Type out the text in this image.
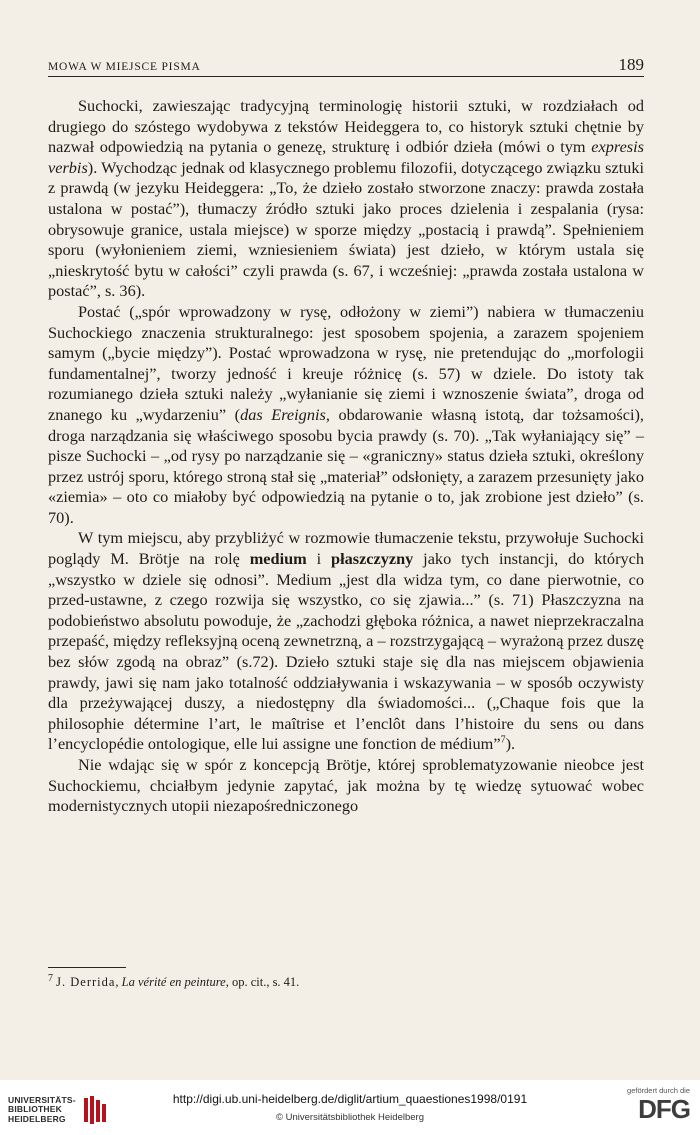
MOWA W MIEJSCE PISMA	189

Suchocki, zawieszając tradycyjną terminologię historii sztuki, w rozdziałach od drugiego do szóstego wydobywa z tekstów Heideggera to, co historyk sztuki chętnie by nazwał odpowiedzią na pytania o genezę, strukturę i odbiór dzieła (mówi o tym expresis verbis). Wychodząc jednak od klasycznego problemu filozofii, dotyczącego związku sztuki z prawdą (w jezyku Heideggera: „To, że dzieło zostało stworzone znaczy: prawda została ustalona w postać”), tłumaczy źródło sztuki jako proces dzielenia i zespalania (rysa: obrysowuje granice, ustala miejsce) w sporze między „postacią i prawdą”. Spełnieniem sporu (wyłonieniem ziemi, wzniesieniem świata) jest dzieło, w którym ustala się „nieskrytość bytu w całości” czyli prawda (s. 67, i wcześniej: „prawda została ustalona w postać”, s. 36).

Postać („spór wprowadzony w rysę, odłożony w ziemi”) nabiera w tłumaczeniu Suchockiego znaczenia strukturalnego: jest sposobem spojenia, a zarazem spojeniem samym („bycie między”). Postać wprowadzona w rysę, nie pretendując do „morfologii fundamentalnej”, tworzy jedność i kreuje różnicę (s. 57) w dziele. Do istoty tak rozumianego dzieła sztuki należy „wyłanianie się ziemi i wznoszenie świata”, droga od znanego ku „wydarzeniu” (das Ereignis, obdarowanie własną istotą, dar tożsamości), droga narządzania się właściwego sposobu bycia prawdy (s. 70). „Tak wyłaniający się” – pisze Suchocki – „od rysy po narządzanie się – «graniczny» status dzieła sztuki, określony przez ustrój sporu, którego stroną stał się „materiał” odsłonięty, a zarazem przesunięty jako «ziemia» – oto co miałoby być odpowiedzią na pytanie o to, jak zrobione jest dzieło” (s. 70).

W tym miejscu, aby przybliżyć w rozmowie tłumaczenie tekstu, przywołuje Suchocki poglądy M. Brötje na rolę medium i płaszczyzny jako tych instancji, do których „wszystko w dziele się odnosi”. Medium „jest dla widza tym, co dane pierwotnie, co przed-ustawne, z czego rozwija się wszystko, co się zjawia...” (s. 71) Płaszczyzna na podobieństwo absolutu powoduje, że „zachodzi głęboka różnica, a nawet nieprzekraczalna przepaść, między refleksyjną oceną zewnetrzną, a – rozstrzygającą – wyrażoną przez duszę bez słów zgodą na obraz” (s.72). Dzieło sztuki staje się dla nas miejscem objawienia prawdy, jawi się nam jako totalność oddziaływania i wskazywania – w sposób oczywisty dla przeżywającej duszy, a niedostępny dla świadomości... („Chaque fois que la philosophie détermine l’art, le maîtrise et l’enclôt dans l’histoire du sens ou dans l’encyclopédie ontologique, elle lui assigne une fonction de médium”$^7$).

Nie wdając się w spór z koncepcją Brötje, której sproblematyzowanie nieobce jest Suchockiemu, chciałbym jedynie zapytać, jak można by tę wiedzę sytuować wobec modernistycznych utopii niezapośredniczonego

$^7$ J. Derrida, La vérité en peinture, op. cit., s. 41.
UNIVERSITÄTS-
BIBLIOTHEK
HEIDELBERG
http://digi.ub.uni-heidelberg.de/diglit/artium_quaestiones1998/0191
© Universitätsbibliothek Heidelberg
gefördert durch die
DFG
